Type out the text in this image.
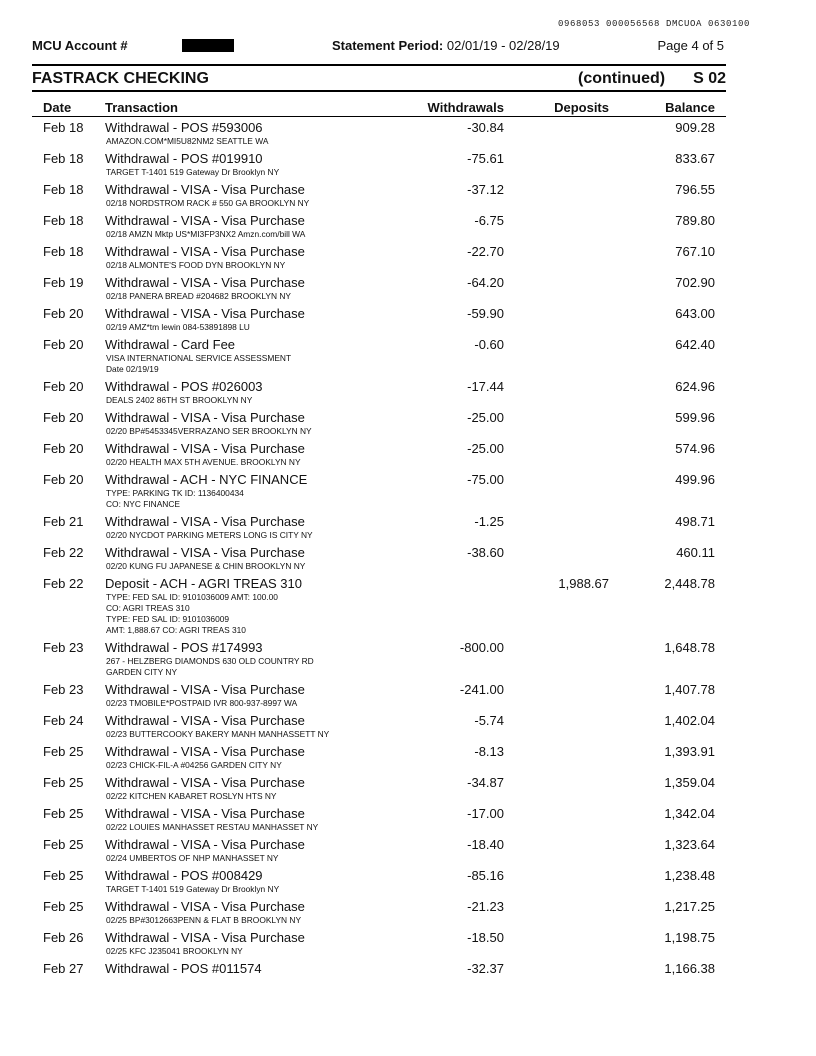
0968053 000056568 DMCUOA 0630100
MCU Account #	Statement Period: 02/01/19 - 02/28/19	Page 4 of 5
FASTRACK CHECKING	(continued) S 02
Date	Transaction	Withdrawals	Deposits	Balance
Feb 18 Withdrawal - POS #593006	-30.84	909.28
AMAZON.COM*MI5U82NM2 SEATTLE WA
Feb 18 Withdrawal - POS #019910	-75.61	833.67
TARGET T-1401 519 Gateway Dr Brooklyn NY
Feb 18 Withdrawal - VISA - Visa Purchase	-37.12	796.55
02/18 NORDSTROM RACK # 550 GA BROOKLYN NY
Feb 18 Withdrawal - VISA - Visa Purchase	-6.75	789.80
02/18 AMZN Mktp US*MI3FP3NX2 Amzn.com/bill WA
Feb 18 Withdrawal - VISA - Visa Purchase	-22.70	767.10
02/18 ALMONTE'S FOOD DYN BROOKLYN NY
Feb 19 Withdrawal - VISA - Visa Purchase	-64.20	702.90
02/18 PANERA BREAD #204682 BROOKLYN NY
Feb 20 Withdrawal - VISA - Visa Purchase	-59.90	643.00
02/19 AMZ*tm lewin 084-53891898 LU
Feb 20 Withdrawal - Card Fee	-0.60	642.40
VISA INTERNATIONAL SERVICE ASSESSMENT
Date 02/19/19
Feb 20 Withdrawal - POS #026003	-17.44	624.96
DEALS 2402 86TH ST BROOKLYN NY
Feb 20 Withdrawal - VISA - Visa Purchase	-25.00	599.96
02/20 BP#5453345VERRAZANO SER BROOKLYN NY
Feb 20 Withdrawal - VISA - Visa Purchase	-25.00	574.96
02/20 HEALTH MAX 5TH AVENUE. BROOKLYN NY
Feb 20 Withdrawal - ACH - NYC FINANCE	-75.00	499.96
TYPE: PARKING TK ID: 1136400434
CO: NYC FINANCE
Feb 21 Withdrawal - VISA - Visa Purchase	-1.25	498.71
02/20 NYCDOT PARKING METERS LONG IS CITY NY
Feb 22 Withdrawal - VISA - Visa Purchase	-38.60	460.11
02/20 KUNG FU JAPANESE & CHIN BROOKLYN NY
Feb 22 Deposit - ACH - AGRI TREAS 310	1,988.67	2,448.78
TYPE: FED SAL ID: 9101036009 AMT: 100.00
CO: AGRI TREAS 310
TYPE: FED SAL ID: 9101036009
AMT: 1,888.67 CO: AGRI TREAS 310
Feb 23 Withdrawal - POS #174993	-800.00	1,648.78
267 - HELZBERG DIAMONDS 630 OLD COUNTRY RD
GARDEN CITY NY
Feb 23 Withdrawal - VISA - Visa Purchase	-241.00	1,407.78
02/23 TMOBILE*POSTPAID IVR 800-937-8997 WA
Feb 24 Withdrawal - VISA - Visa Purchase	-5.74	1,402.04
02/23 BUTTERCOOKY BAKERY MANH MANHASSETT NY
Feb 25 Withdrawal - VISA - Visa Purchase	-8.13	1,393.91
02/23 CHICK-FIL-A #04256 GARDEN CITY NY
Feb 25 Withdrawal - VISA - Visa Purchase	-34.87	1,359.04
02/22 KITCHEN KABARET ROSLYN HTS NY
Feb 25 Withdrawal - VISA - Visa Purchase	-17.00	1,342.04
02/22 LOUIES MANHASSET RESTAU MANHASSET NY
Feb 25 Withdrawal - VISA - Visa Purchase	-18.40	1,323.64
02/24 UMBERTOS OF NHP MANHASSET NY
Feb 25 Withdrawal - POS #008429	-85.16	1,238.48
TARGET T-1401 519 Gateway Dr Brooklyn NY
Feb 25 Withdrawal - VISA - Visa Purchase	-21.23	1,217.25
02/25 BP#3012663PENN & FLAT B BROOKLYN NY
Feb 26 Withdrawal - VISA - Visa Purchase	-18.50	1,198.75
02/25 KFC J235041 BROOKLYN NY
Feb 27 Withdrawal - POS #011574	-32.37	1,166.38
